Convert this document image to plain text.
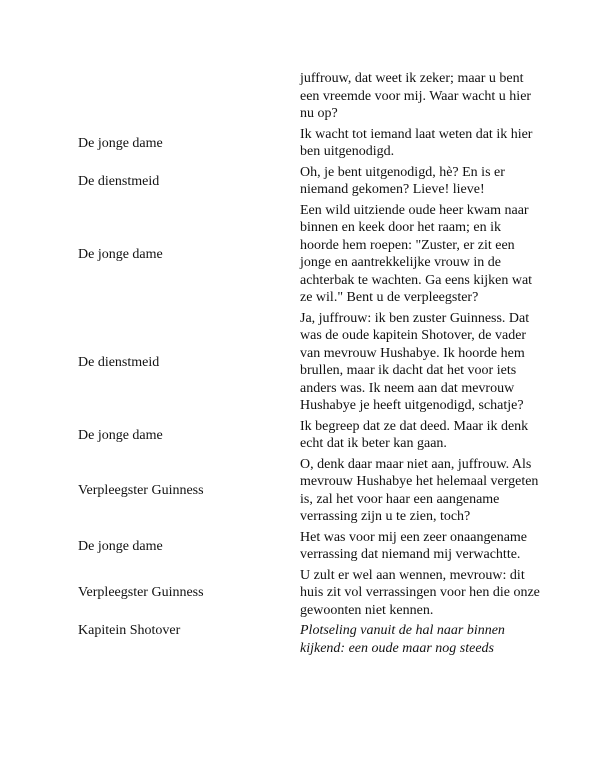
juffrouw, dat weet ik zeker; maar u bent een vreemde voor mij. Waar wacht u hier nu op?
De jonge dame
Ik wacht tot iemand laat weten dat ik hier ben uitgenodigd.
De dienstmeid
Oh, je bent uitgenodigd, hè? En is er niemand gekomen? Lieve! lieve!
De jonge dame
Een wild uitziende oude heer kwam naar binnen en keek door het raam; en ik hoorde hem roepen: "Zuster, er zit een jonge en aantrekkelijke vrouw in de achterbak te wachten. Ga eens kijken wat ze wil." Bent u de verpleegster?
De dienstmeid
Ja, juffrouw: ik ben zuster Guinness. Dat was de oude kapitein Shotover, de vader van mevrouw Hushabye. Ik hoorde hem brullen, maar ik dacht dat het voor iets anders was. Ik neem aan dat mevrouw Hushabye je heeft uitgenodigd, schatje?
De jonge dame
Ik begreep dat ze dat deed. Maar ik denk echt dat ik beter kan gaan.
Verpleegster Guinness
O, denk daar maar niet aan, juffrouw. Als mevrouw Hushabye het helemaal vergeten is, zal het voor haar een aangename verrassing zijn u te zien, toch?
De jonge dame
Het was voor mij een zeer onaangename verrassing dat niemand mij verwachtte.
Verpleegster Guinness
U zult er wel aan wennen, mevrouw: dit huis zit vol verrassingen voor hen die onze gewoonten niet kennen.
Kapitein Shotover	Plotseling vanuit de hal naar binnen kijkend: een oude maar nog steeds
